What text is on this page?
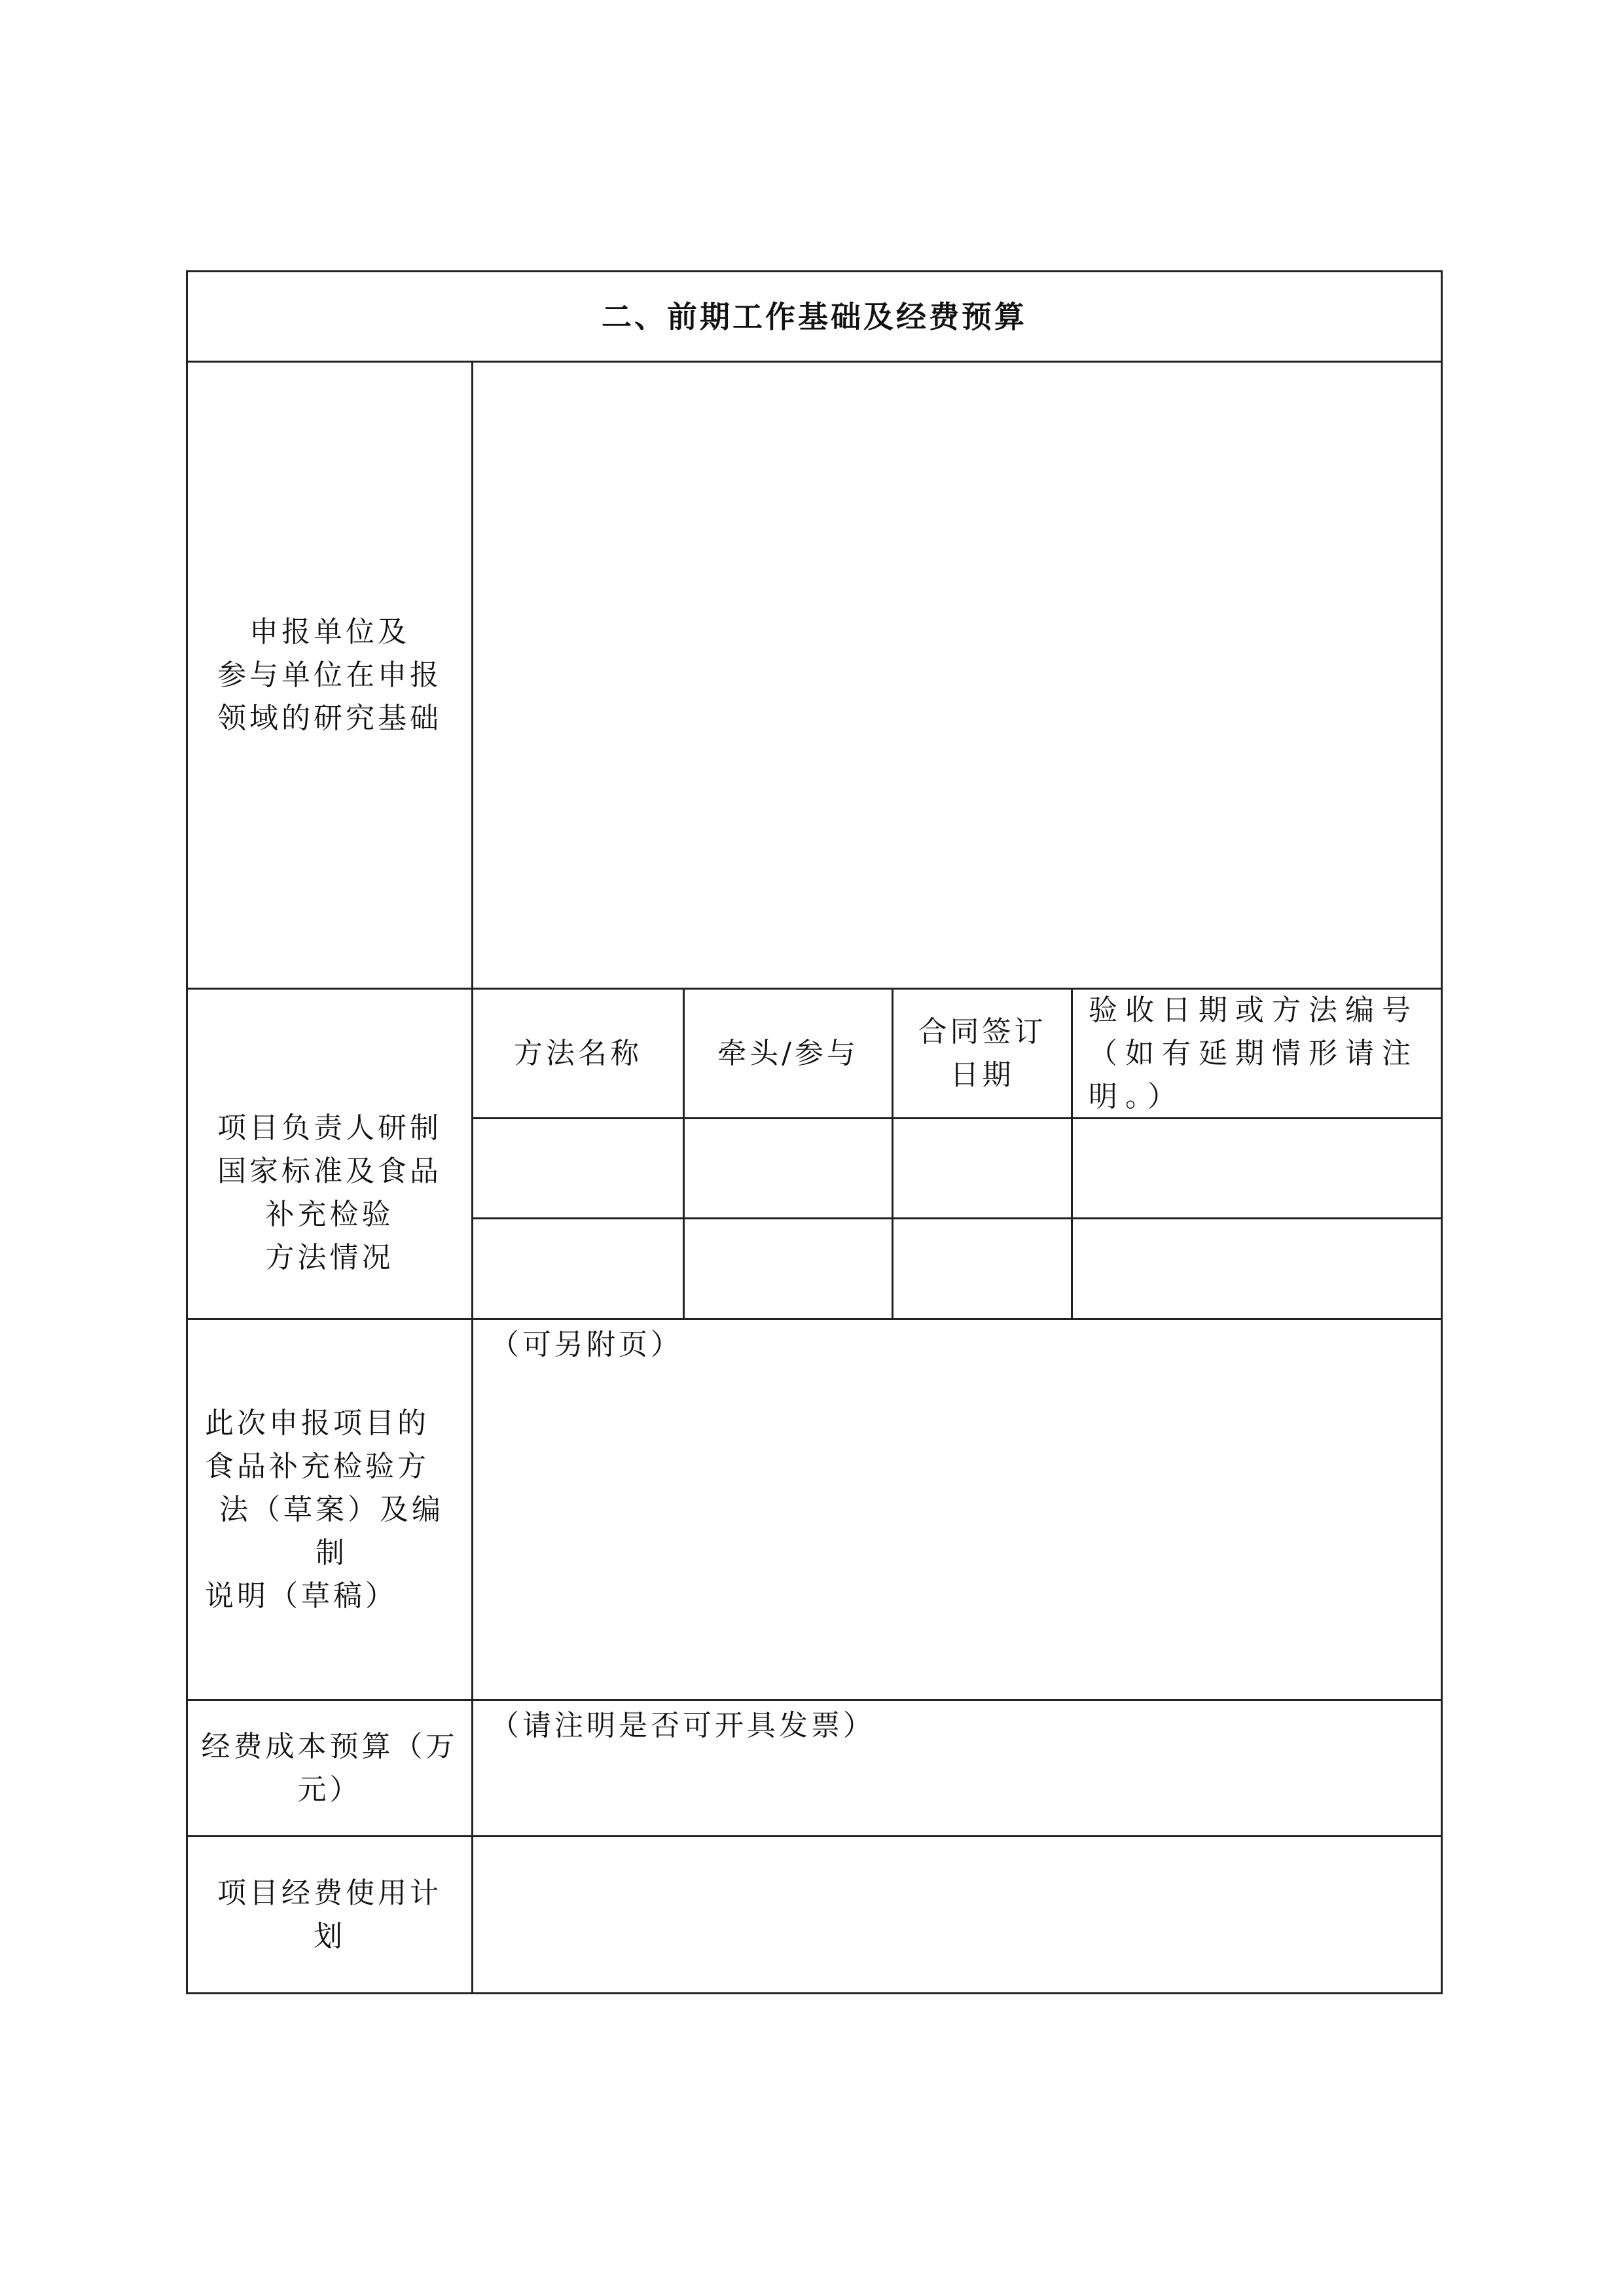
二、前期工作基础及经费预算
申报单位及
参与单位在申报
领域的研究基础
项目负责人研制
国家标准及食品
补充检验
方法情况
方法名称	牵头/参与
合同签订
日期
验收日期或方法编号
（如有延期情形请注
明。）
此次申报项目的
食品补充检验方
法（草案）及编制
说明（草稿）
（可另附页）
经费成本预算（万
元）
（请注明是否可开具发票）
项目经费使用计
划
